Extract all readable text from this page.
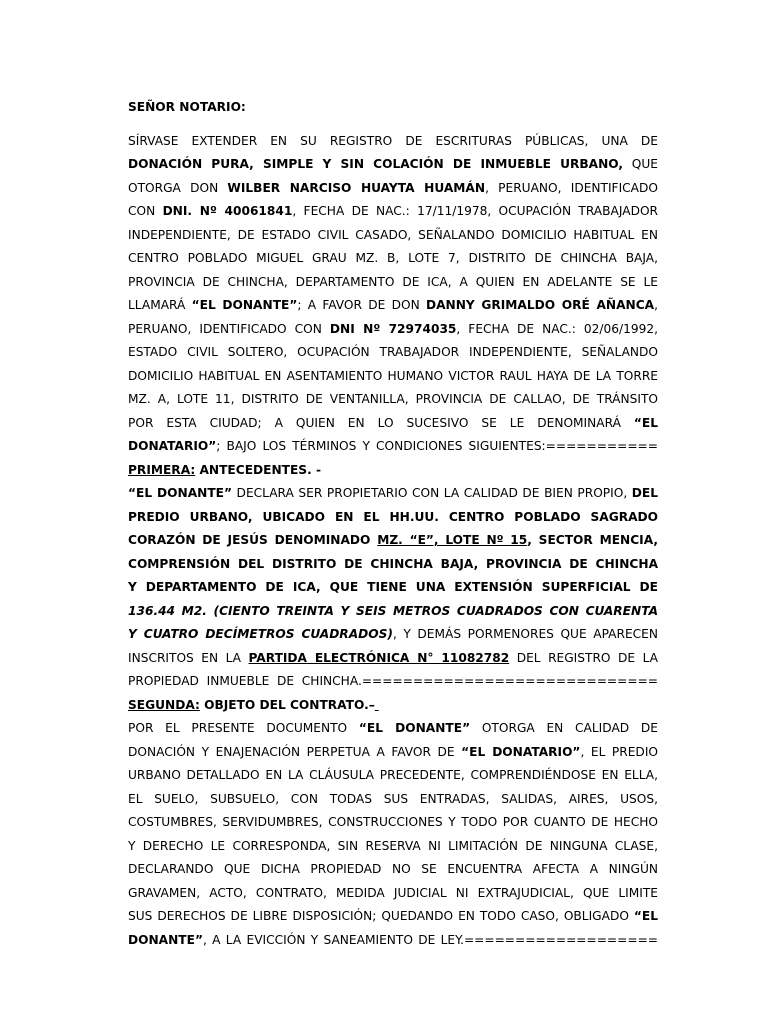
SEÑOR NOTARIO:
SÍRVASE EXTENDER EN SU REGISTRO DE ESCRITURAS PÚBLICAS, UNA DE
DONACIÓN PURA, SIMPLE Y SIN COLACIÓN DE INMUEBLE URBANO, QUE
OTORGA DON WILBER NARCISO HUAYTA HUAMÁN, PERUANO, IDENTIFICADO
CON DNI. Nº 40061841, FECHA DE NAC.: 17/11/1978, OCUPACIÓN TRABAJADOR
INDEPENDIENTE, DE ESTADO CIVIL CASADO, SEÑALANDO DOMICILIO HABITUAL EN
CENTRO POBLADO MIGUEL GRAU MZ. B, LOTE 7, DISTRITO DE CHINCHA BAJA,
PROVINCIA DE CHINCHA, DEPARTAMENTO DE ICA, A QUIEN EN ADELANTE SE LE
LLAMARÁ “EL DONANTE”; A FAVOR DE DON DANNY GRIMALDO ORÉ AÑANCA,
PERUANO, IDENTIFICADO CON DNI Nº 72974035, FECHA DE NAC.: 02/06/1992,
ESTADO CIVIL SOLTERO, OCUPACIÓN TRABAJADOR INDEPENDIENTE, SEÑALANDO
DOMICILIO HABITUAL EN ASENTAMIENTO HUMANO VICTOR RAUL HAYA DE LA TORRE
MZ. A, LOTE 11, DISTRITO DE VENTANILLA, PROVINCIA DE CALLAO, DE TRÁNSITO
POR ESTA CIUDAD; A QUIEN EN LO SUCESIVO SE LE DENOMINARÁ “EL
DONATARIO”; BAJO LOS TÉRMINOS Y CONDICIONES SIGUIENTES:===========
PRIMERA: ANTECEDENTES. -
“EL DONANTE” DECLARA SER PROPIETARIO CON LA CALIDAD DE BIEN PROPIO, DEL
PREDIO URBANO, UBICADO EN EL HH.UU. CENTRO POBLADO SAGRADO
CORAZÓN DE JESÚS DENOMINADO MZ. “E”, LOTE Nº 15, SECTOR MENCIA,
COMPRENSIÓN DEL DISTRITO DE CHINCHA BAJA, PROVINCIA DE CHINCHA
Y DEPARTAMENTO DE ICA, QUE TIENE UNA EXTENSIÓN SUPERFICIAL DE
136.44 M2. (CIENTO TREINTA Y SEIS METROS CUADRADOS CON CUARENTA
Y CUATRO DECÍMETROS CUADRADOS), Y DEMÁS PORMENORES QUE APARECEN
INSCRITOS EN LA PARTIDA ELECTRÓNICA N° 11082782 DEL REGISTRO DE LA
PROPIEDAD INMUEBLE DE CHINCHA.=============================
SEGUNDA: OBJETO DEL CONTRATO.–
POR EL PRESENTE DOCUMENTO “EL DONANTE” OTORGA EN CALIDAD DE
DONACIÓN Y ENAJENACIÓN PERPETUA A FAVOR DE “EL DONATARIO”, EL PREDIO
URBANO DETALLADO EN LA CLÁUSULA PRECEDENTE, COMPRENDIÉNDOSE EN ELLA,
EL SUELO, SUBSUELO, CON TODAS SUS ENTRADAS, SALIDAS, AIRES, USOS,
COSTUMBRES, SERVIDUMBRES, CONSTRUCCIONES Y TODO POR CUANTO DE HECHO
Y DERECHO LE CORRESPONDA, SIN RESERVA NI LIMITACIÓN DE NINGUNA CLASE,
DECLARANDO QUE DICHA PROPIEDAD NO SE ENCUENTRA AFECTA A NINGÚN
GRAVAMEN, ACTO, CONTRATO, MEDIDA JUDICIAL NI EXTRAJUDICIAL, QUE LIMITE
SUS DERECHOS DE LIBRE DISPOSICIÓN; QUEDANDO EN TODO CASO, OBLIGADO “EL
DONANTE”, A LA EVICCIÓN Y SANEAMIENTO DE LEY.===================
